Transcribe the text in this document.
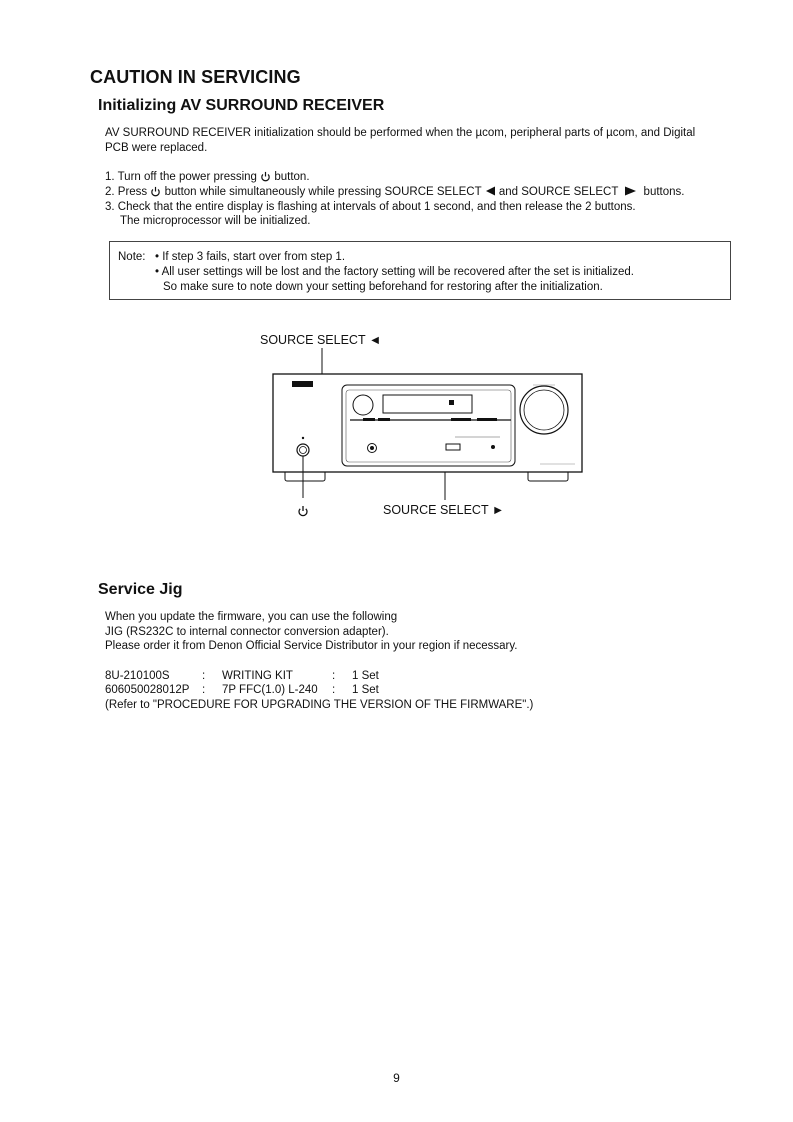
CAUTION IN SERVICING
Initializing AV SURROUND RECEIVER
AV SURROUND RECEIVER initialization should be performed when the µcom, peripheral parts of µcom, and Digital
PCB were replaced.
1. Turn off the power pressing button.
2. Press button while simultaneously while pressing SOURCE SELECT and SOURCE SELECT buttons.
3. Check that the entire display is flashing at intervals of about 1 second, and then release the 2 buttons.
The microprocessor will be initialized.
Note: • If step 3 fails, start over from step 1.
• All user settings will be lost and the factory setting will be recovered after the set is initialized.
So make sure to note down your setting beforehand for restoring after the initialization.
SOURCE SELECT ◄
SOURCE SELECT ►
Service Jig
When you update the firmware, you can use the following
JIG (RS232C to internal connector conversion adapter).
Please order it from Denon Official Service Distributor in your region if necessary.
8U-210100S	:	WRITING KIT	:	1 Set
606050028012P	:	7P FFC(1.0) L-240	:	1 Set
(Refer to "PROCEDURE FOR UPGRADING THE VERSION OF THE FIRMWARE".)
9
